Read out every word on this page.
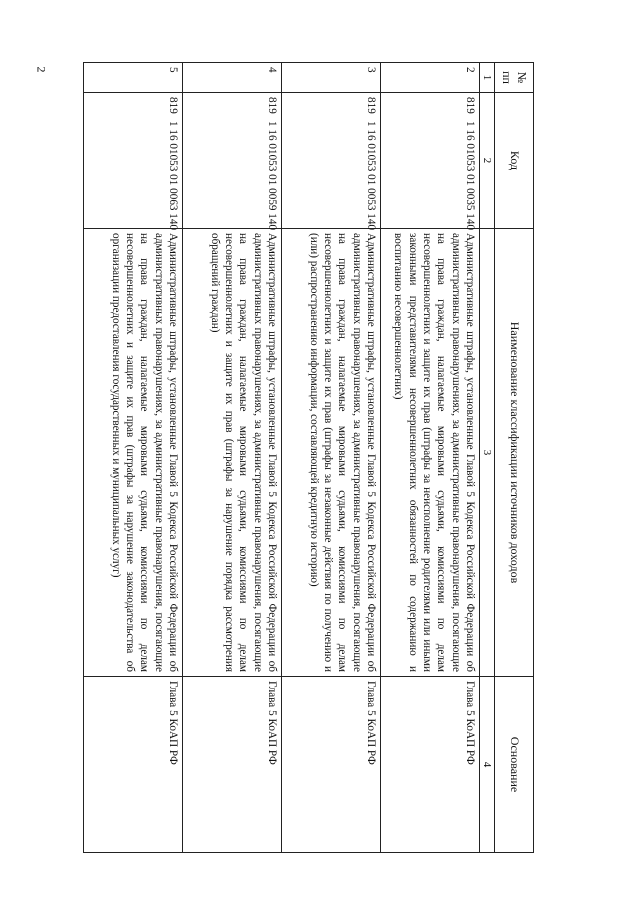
2
№ пп	Код	Наименование классификации источников доходов	Основание
1	2	3	4
2	8191 16 01053 01 0035 140	Административные штрафы, установленные Главой 5 Кодекса Российской Федерации об административных правонарушениях, за административные правонарушения, посягающие на права граждан, налагаемые мировыми судьями, комиссиями по делам несовершеннолетних и защите их прав (штрафы за неисполнение родителями или иными законными представителями несовершеннолетних обязанностей по содержанию и воспитанию несовершеннолетних)	Глава 5 КоАП РФ
3	8191 16 01053 01 0053 140	Административные штрафы, установленные Главой 5 Кодекса Российской Федерации об административных правонарушениях, за административные правонарушения, посягающие на права граждан, налагаемые мировыми судьями, комиссиями по делам несовершеннолетних и защите их прав (штрафы за незаконные действия по получению и (или) распространению информации, составляющей кредитную историю)	Глава 5 КоАП РФ
4	8191 16 01053 01 0059 140	Административные штрафы, установленные Главой 5 Кодекса Российской Федерации об административных правонарушениях, за административные правонарушения, посягающие на права граждан, налагаемые мировыми судьями, комиссиями по делам несовершеннолетних и защите их прав (штрафы за нарушение порядка рассмотрения обращений граждан)	Глава 5 КоАП РФ
5	8191 16 01053 01 0063 140	Административные штрафы, установленные Главой 5 Кодекса Российской Федерации об административных правонарушениях, за административные правонарушения, посягающие на права граждан, налагаемые мировыми судьями, комиссиями по делам несовершеннолетних и защите их прав (штрафы за нарушение законодательства об организации предоставления государственных и муниципальных услуг)	Глава 5 КоАП РФ
